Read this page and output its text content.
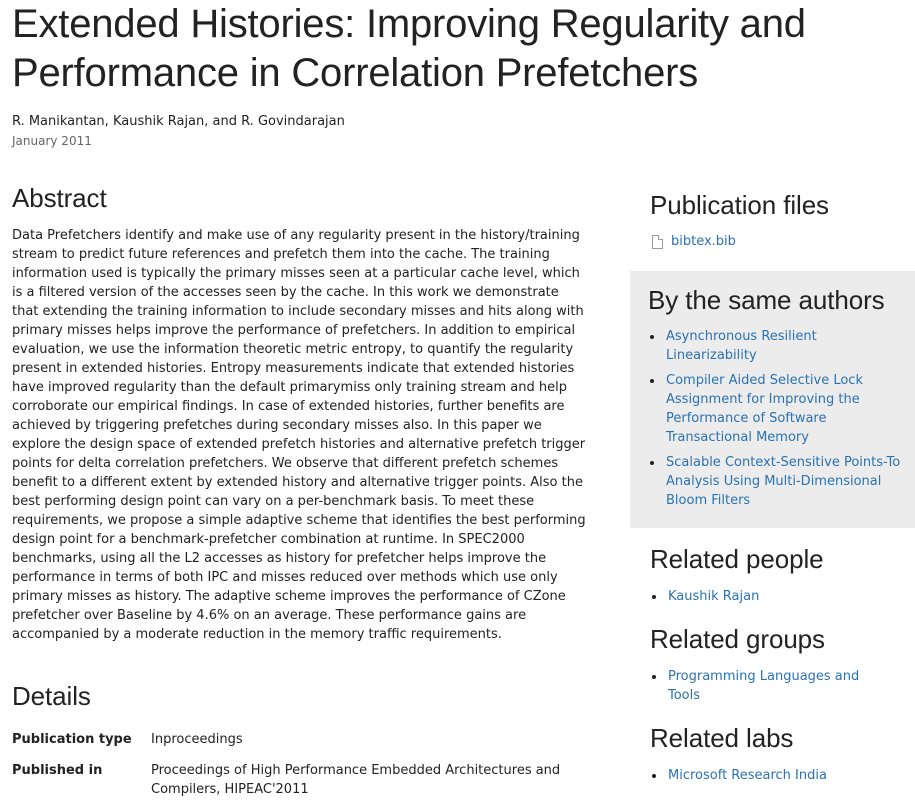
Extended Histories: Improving Regularity and Performance in Correlation Prefetchers
R. Manikantan, Kaushik Rajan, and R. Govindarajan
January 2011
Abstract

Data Prefetchers identify and make use of any regularity present in the history/training stream to predict future references and prefetch them into the cache. The training information used is typically the primary misses seen at a particular cache level, which is a filtered version of the accesses seen by the cache. In this work we demonstrate that extending the training information to include secondary misses and hits along with primary misses helps improve the performance of prefetchers. In addition to empirical evaluation, we use the information theoretic metric entropy, to quantify the regularity present in extended histories. Entropy measurements indicate that extended histories have improved regularity than the default primarymiss only training stream and help corroborate our empirical findings. In case of extended histories, further benefits are achieved by triggering prefetches during secondary misses also. In this paper we explore the design space of extended prefetch histories and alternative prefetch trigger points for delta correlation prefetchers. We observe that different prefetch schemes benefit to a different extent by extended history and alternative trigger points. Also the best performing design point can vary on a per-benchmark basis. To meet these requirements, we propose a simple adaptive scheme that identifies the best performing design point for a benchmark-prefetcher combination at runtime. In SPEC2000 benchmarks, using all the L2 accesses as history for prefetcher helps improve the performance in terms of both IPC and misses reduced over methods which use only primary misses as history. The adaptive scheme improves the performance of CZone prefetcher over Baseline by 4.6% on an average. These performance gains are accompanied by a moderate reduction in the memory traffic requirements.

Details
Publication type	Inproceedings
Published in	Proceedings of High Performance Embedded Architectures and Compilers, HIPEAC'2011
Publication files
bibtex.bib
By the same authors
Asynchronous Resilient Linearizability
Compiler Aided Selective Lock Assignment for Improving the Performance of Software Transactional Memory
Scalable Context-Sensitive Points-To Analysis Using Multi-Dimensional Bloom Filters
Related people
Kaushik Rajan
Related groups
Programming Languages and Tools
Related labs
Microsoft Research India
